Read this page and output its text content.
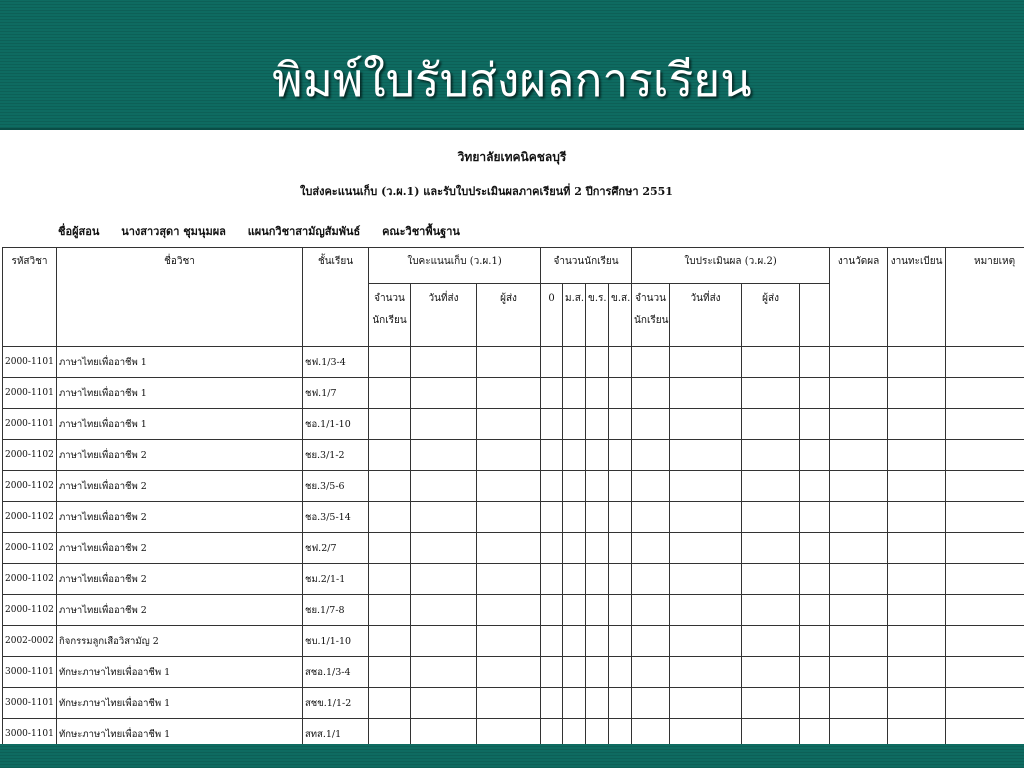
พิมพ์ใบรับส่งผลการเรียน
วิทยาลัยเทคนิคชลบุรี
ใบส่งคะแนนเก็บ (ว.ผ.1) และรับใบประเมินผลภาคเรียนที่ 2 ปีการศึกษา 2551
ชื่อผู้สอน นางสาวสุดา ชุมนุมผล แผนกวิชาสามัญสัมพันธ์ คณะวิชาพื้นฐาน
รหัสวิชา	ชื่อวิชา	ชั้นเรียน	ใบคะแนนเก็บ (ว.ผ.1)			จำนวนนักเรียน				ใบประเมินผล (ว.ผ.2)				งานวัดผล	งานทะเบียน	หมายเหตุ
			จำนวนนักเรียน	วันที่ส่ง	ผู้ส่ง	0	ม.ส.	ข.ร.	ข.ส.	จำนวนนักเรียน	วันที่ส่ง	ผู้ส่ง				
2000-1101	ภาษาไทยเพื่ออาชีพ 1	ชฟ.1/3-4														
2000-1101	ภาษาไทยเพื่ออาชีพ 1	ชฟ.1/7														
2000-1101	ภาษาไทยเพื่ออาชีพ 1	ชอ.1/1-10														
2000-1102	ภาษาไทยเพื่ออาชีพ 2	ชย.3/1-2														
2000-1102	ภาษาไทยเพื่ออาชีพ 2	ชย.3/5-6														
2000-1102	ภาษาไทยเพื่ออาชีพ 2	ชอ.3/5-14														
2000-1102	ภาษาไทยเพื่ออาชีพ 2	ชฟ.2/7														
2000-1102	ภาษาไทยเพื่ออาชีพ 2	ชม.2/1-1														
2000-1102	ภาษาไทยเพื่ออาชีพ 2	ชย.1/7-8														
2002-0002	กิจกรรมลูกเสือวิสามัญ 2	ชบ.1/1-10														
3000-1101	ทักษะภาษาไทยเพื่ออาชีพ 1	สชอ.1/3-4														
3000-1101	ทักษะภาษาไทยเพื่ออาชีพ 1	สชข.1/1-2														
3000-1101	ทักษะภาษาไทยเพื่ออาชีพ 1	สทส.1/1														
